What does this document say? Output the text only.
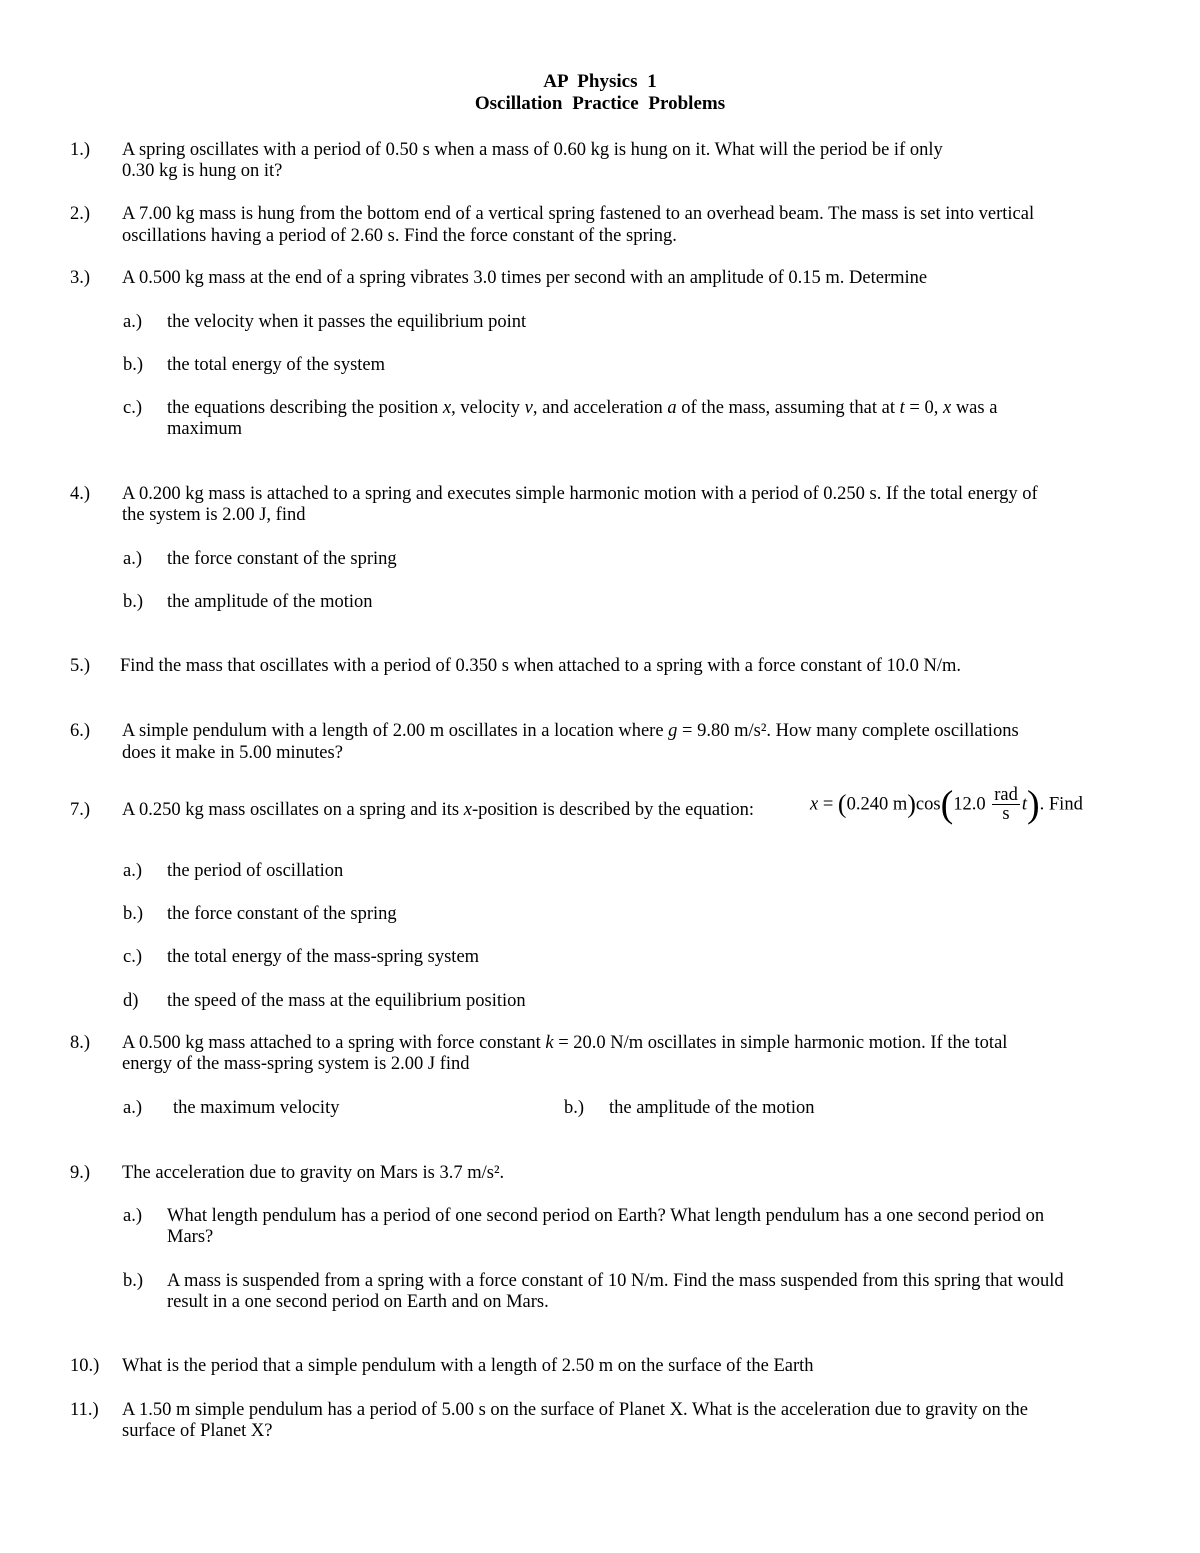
AP Physics 1
Oscillation Practice Problems
1.) A spring oscillates with a period of 0.50 s when a mass of 0.60 kg is hung on it. What will the period be if only
0.30 kg is hung on it?
2.) A 7.00 kg mass is hung from the bottom end of a vertical spring fastened to an overhead beam. The mass is set into vertical
oscillations having a period of 2.60 s. Find the force constant of the spring.
3.) A 0.500 kg mass at the end of a spring vibrates 3.0 times per second with an amplitude of 0.15 m. Determine
a.) the velocity when it passes the equilibrium point
b.) the total energy of the system
c.) the equations describing the position x, velocity v, and acceleration a of the mass, assuming that at t = 0, x was a
maximum
4.) A 0.200 kg mass is attached to a spring and executes simple harmonic motion with a period of 0.250 s. If the total energy of
the system is 2.00 J, find
a.) the force constant of the spring
b.) the amplitude of the motion
5.) Find the mass that oscillates with a period of 0.350 s when attached to a spring with a force constant of 10.0 N/m.
6.) A simple pendulum with a length of 2.00 m oscillates in a location where g = 9.80 m/s². How many complete oscillations
does it make in 5.00 minutes?
7.) A 0.250 kg mass oscillates on a spring and its x-position is described by the equation:	x = (0.240 $m)\cos(12.0 \frac{\text{rad}}{s} t)$. Find
a.) the period of oscillation
b.) the force constant of the spring
c.) the total energy of the mass-spring system
d) the speed of the mass at the equilibrium position
8.) A 0.500 kg mass attached to a spring with force constant k = 20.0 N/m oscillates in simple harmonic motion. If the total
energy of the mass-spring system is 2.00 J find
a.) the maximum velocity	b.) the amplitude of the motion
9.) The acceleration due to gravity on Mars is 3.7 m/s².
a.) What length pendulum has a period of one second period on Earth? What length pendulum has a one second period on
Mars?
b.) A mass is suspended from a spring with a force constant of 10 N/m. Find the mass suspended from this spring that would
result in a one second period on Earth and on Mars.
10.) What is the period that a simple pendulum with a length of 2.50 m on the surface of the Earth
11.) A 1.50 m simple pendulum has a period of 5.00 s on the surface of Planet X. What is the acceleration due to gravity on the
surface of Planet X?
